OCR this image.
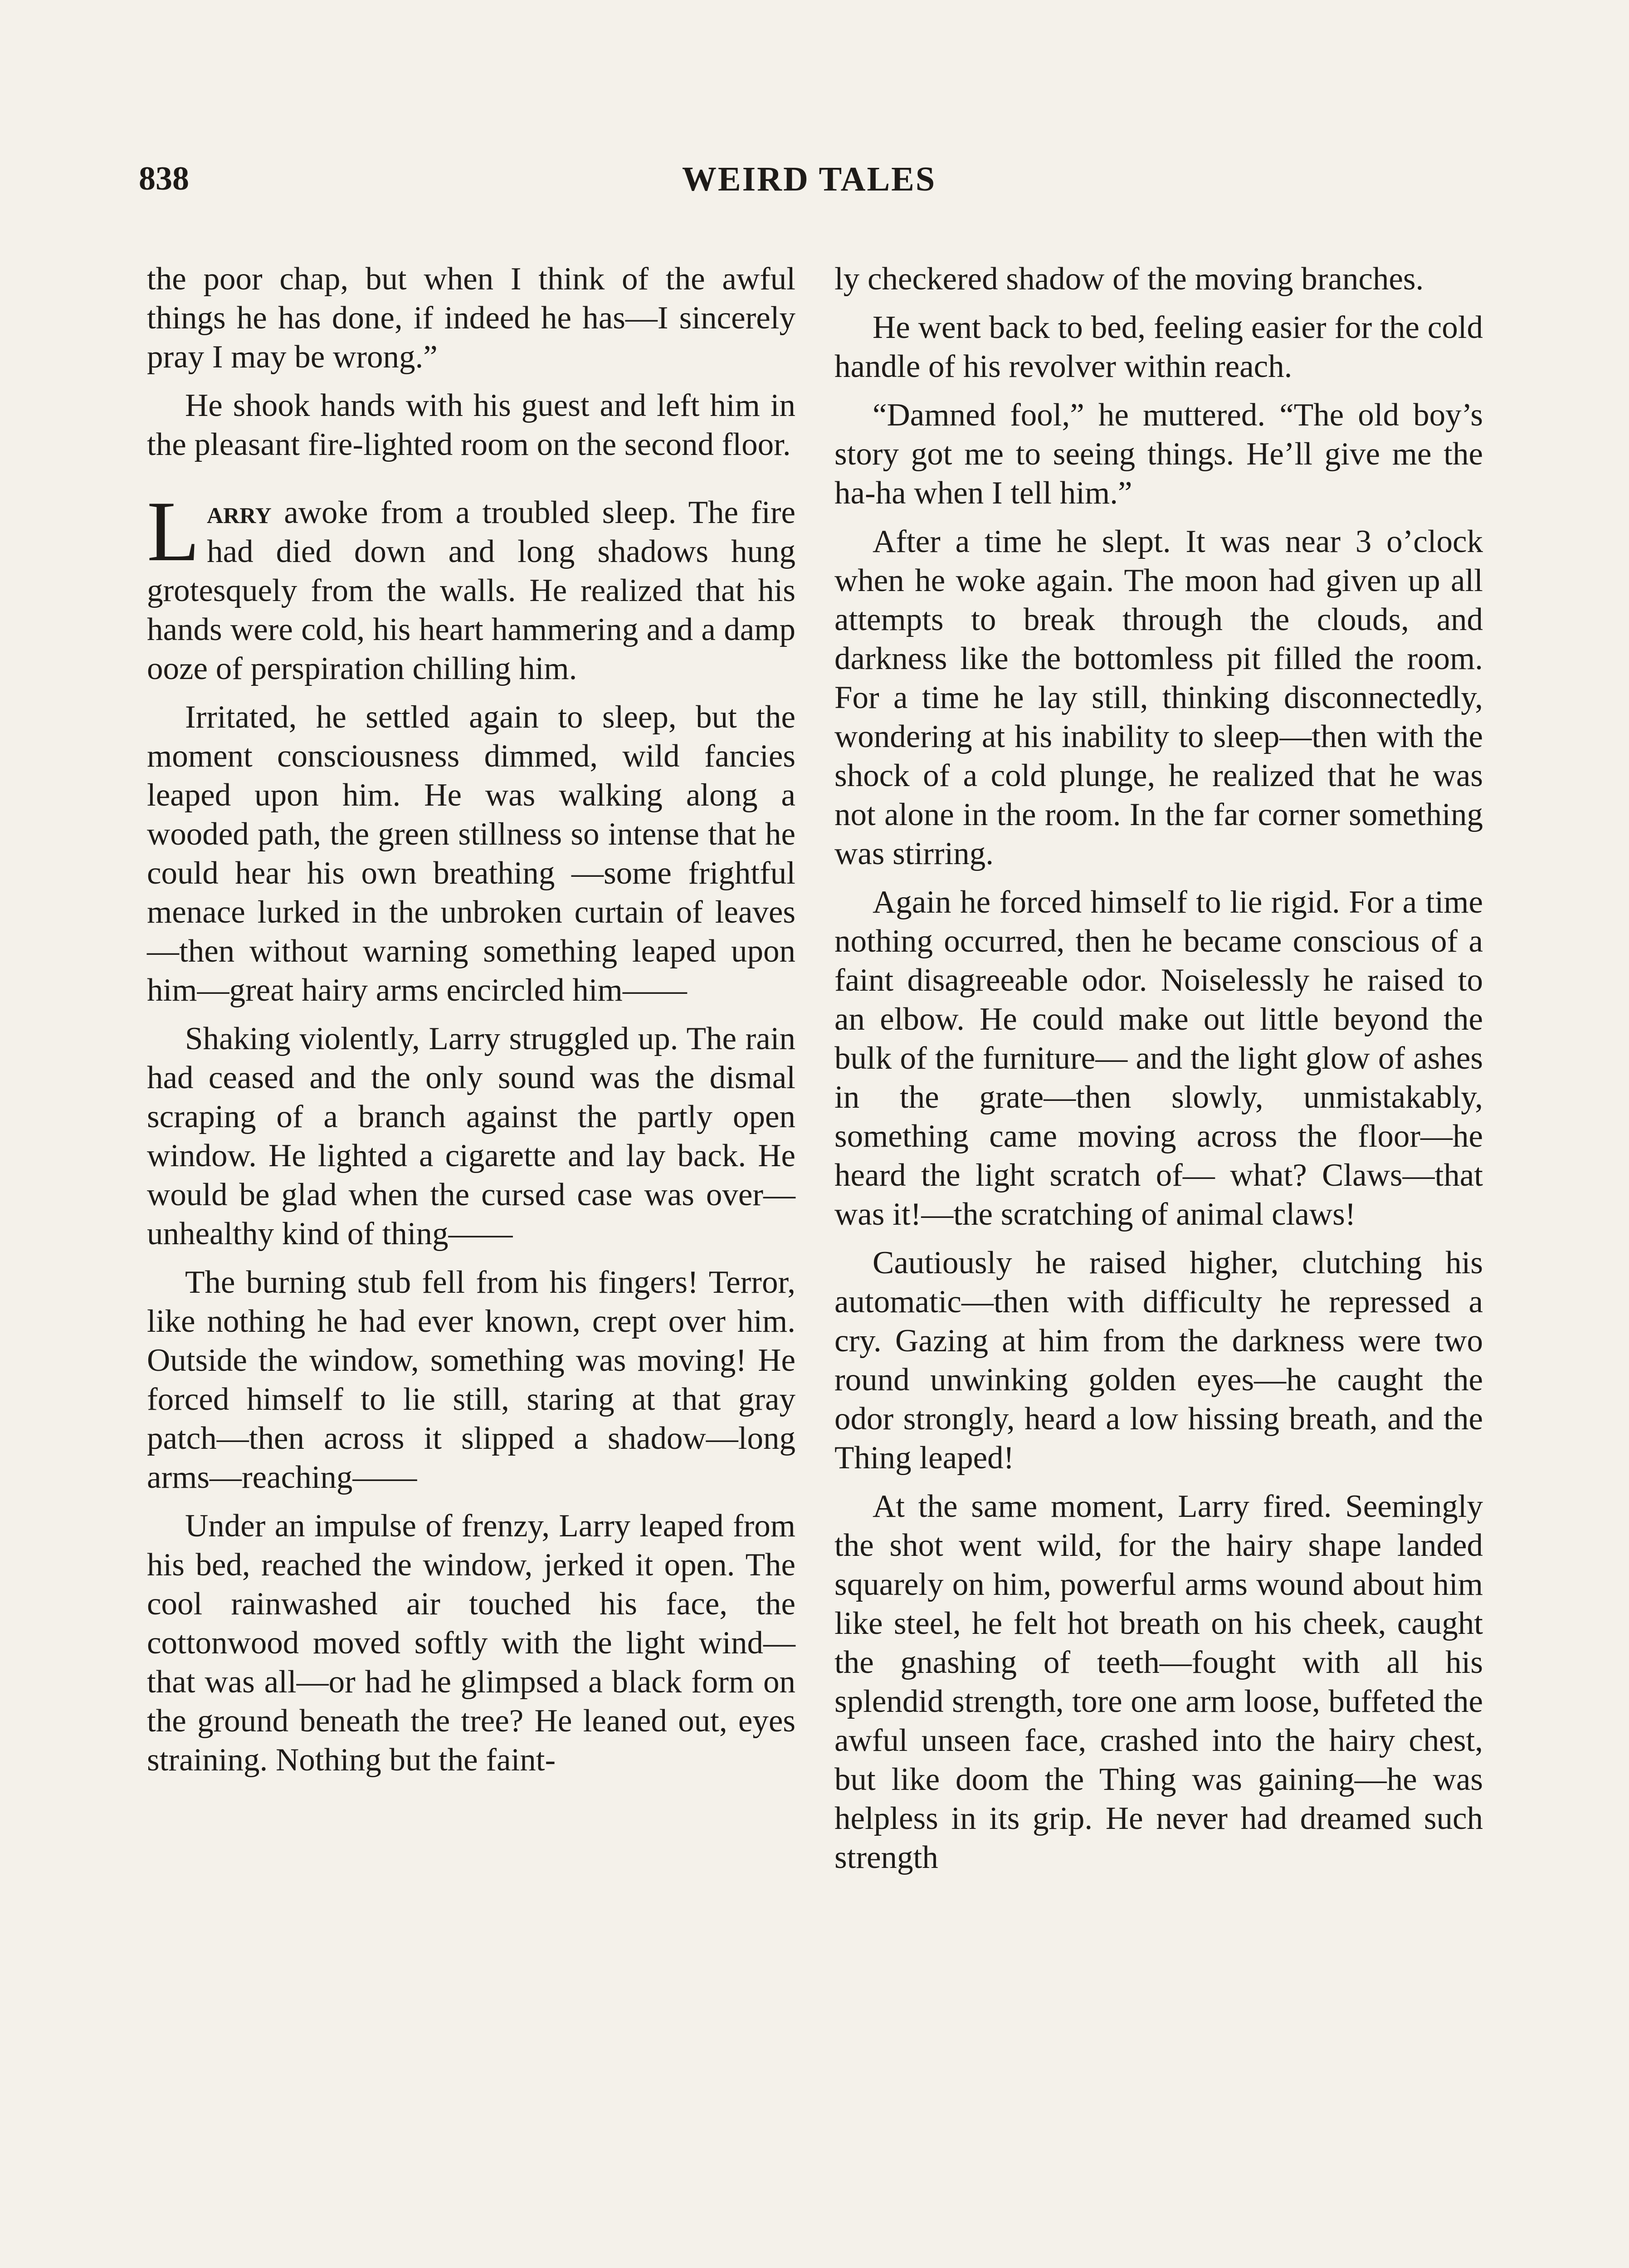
838	WEIRD TALES

the poor chap, but when I think of the awful things he has done, if indeed he has—I sincerely pray I may be wrong.”

He shook hands with his guest and left him in the pleasant fire-lighted room on the second floor.

Larry awoke from a troubled sleep. The fire had died down and long shadows hung grotesquely from the walls. He realized that his hands were cold, his heart hammering and a damp ooze of perspiration chilling him.

Irritated, he settled again to sleep, but the moment consciousness dimmed, wild fancies leaped upon him. He was walking along a wooded path, the green stillness so intense that he could hear his own breathing —some frightful menace lurked in the unbroken curtain of leaves—then without warning something leaped upon him—great hairy arms encircled him——

Shaking violently, Larry struggled up. The rain had ceased and the only sound was the dismal scraping of a branch against the partly open window. He lighted a cigarette and lay back. He would be glad when the cursed case was over—unhealthy kind of thing——

The burning stub fell from his fingers! Terror, like nothing he had ever known, crept over him. Outside the window, something was moving! He forced himself to lie still, staring at that gray patch—then across it slipped a shadow—long arms—reaching——

Under an impulse of frenzy, Larry leaped from his bed, reached the window, jerked it open. The cool rainwashed air touched his face, the cottonwood moved softly with the light wind—that was all—or had he glimpsed a black form on the ground beneath the tree? He leaned out, eyes straining. Nothing but the faint-

ly checkered shadow of the moving branches.

He went back to bed, feeling easier for the cold handle of his revolver within reach.

“Damned fool,” he muttered. “The old boy’s story got me to seeing things. He’ll give me the ha-ha when I tell him.”

After a time he slept. It was near 3 o’clock when he woke again. The moon had given up all attempts to break through the clouds, and darkness like the bottomless pit filled the room. For a time he lay still, thinking disconnectedly, wondering at his inability to sleep—then with the shock of a cold plunge, he realized that he was not alone in the room. In the far corner something was stirring.

Again he forced himself to lie rigid. For a time nothing occurred, then he became conscious of a faint disagreeable odor. Noiselessly he raised to an elbow. He could make out little beyond the bulk of the furniture— and the light glow of ashes in the grate—then slowly, unmistakably, something came moving across the floor—he heard the light scratch of— what? Claws—that was it!—the scratching of animal claws!

Cautiously he raised higher, clutching his automatic—then with difficulty he repressed a cry. Gazing at him from the darkness were two round unwinking golden eyes—he caught the odor strongly, heard a low hissing breath, and the Thing leaped!

At the same moment, Larry fired. Seemingly the shot went wild, for the hairy shape landed squarely on him, powerful arms wound about him like steel, he felt hot breath on his cheek, caught the gnashing of teeth—fought with all his splendid strength, tore one arm loose, buffeted the awful unseen face, crashed into the hairy chest, but like doom the Thing was gaining—he was helpless in its grip. He never had dreamed such strength
